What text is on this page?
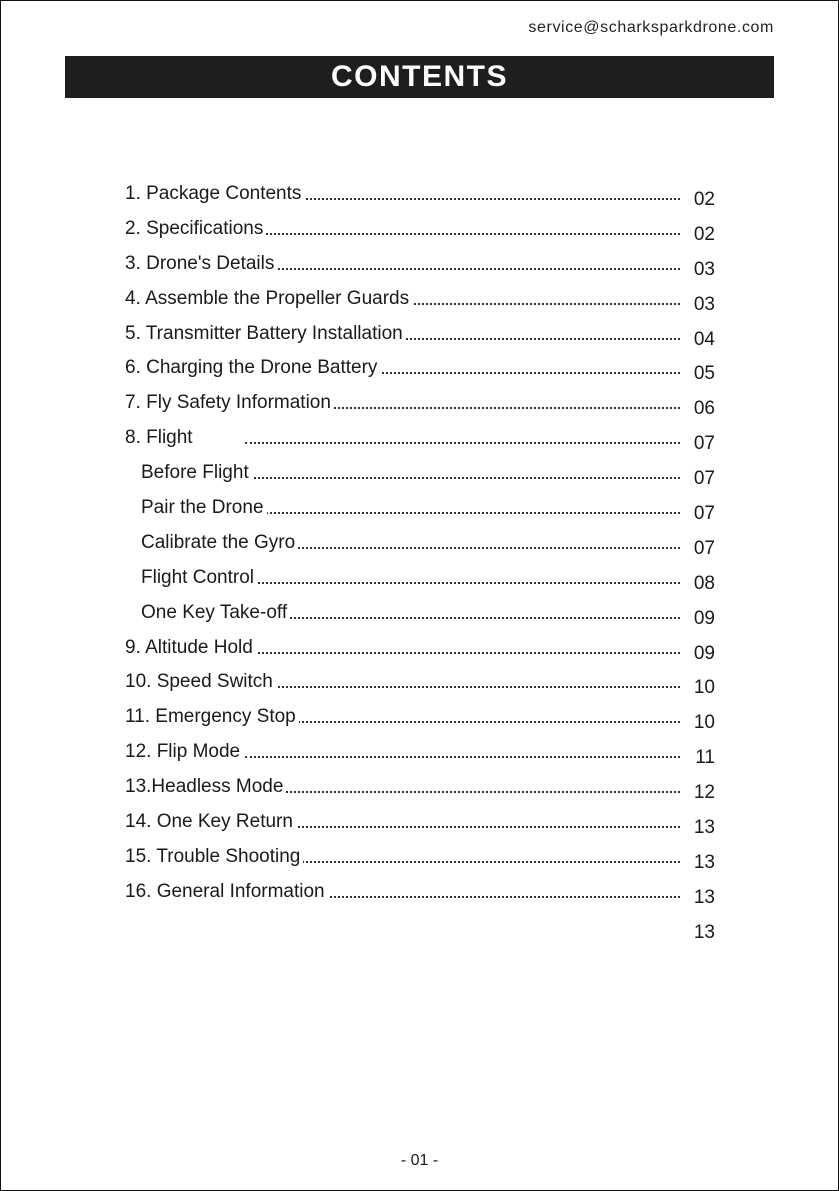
service@scharksparkdrone.com
CONTENTS
1. Package Contents	02
2. Specifications	02
3. Drone's Details	03
4. Assemble the Propeller Guards	03
5. Transmitter Battery Installation	04
6. Charging the Drone Battery	05
7. Fly Safety Information	06
8. Flight	07
Before Flight	07
Pair the Drone	07
Calibrate the Gyro	07
Flight Control	08
One Key Take-off	09
9. Altitude Hold	09
10. Speed Switch	10
11. Emergency Stop	10
12. Flip Mode	11
13.Headless Mode	12
14. One Key Return	13
15. Trouble Shooting	13
16. General Information	13
13
- 01 -
